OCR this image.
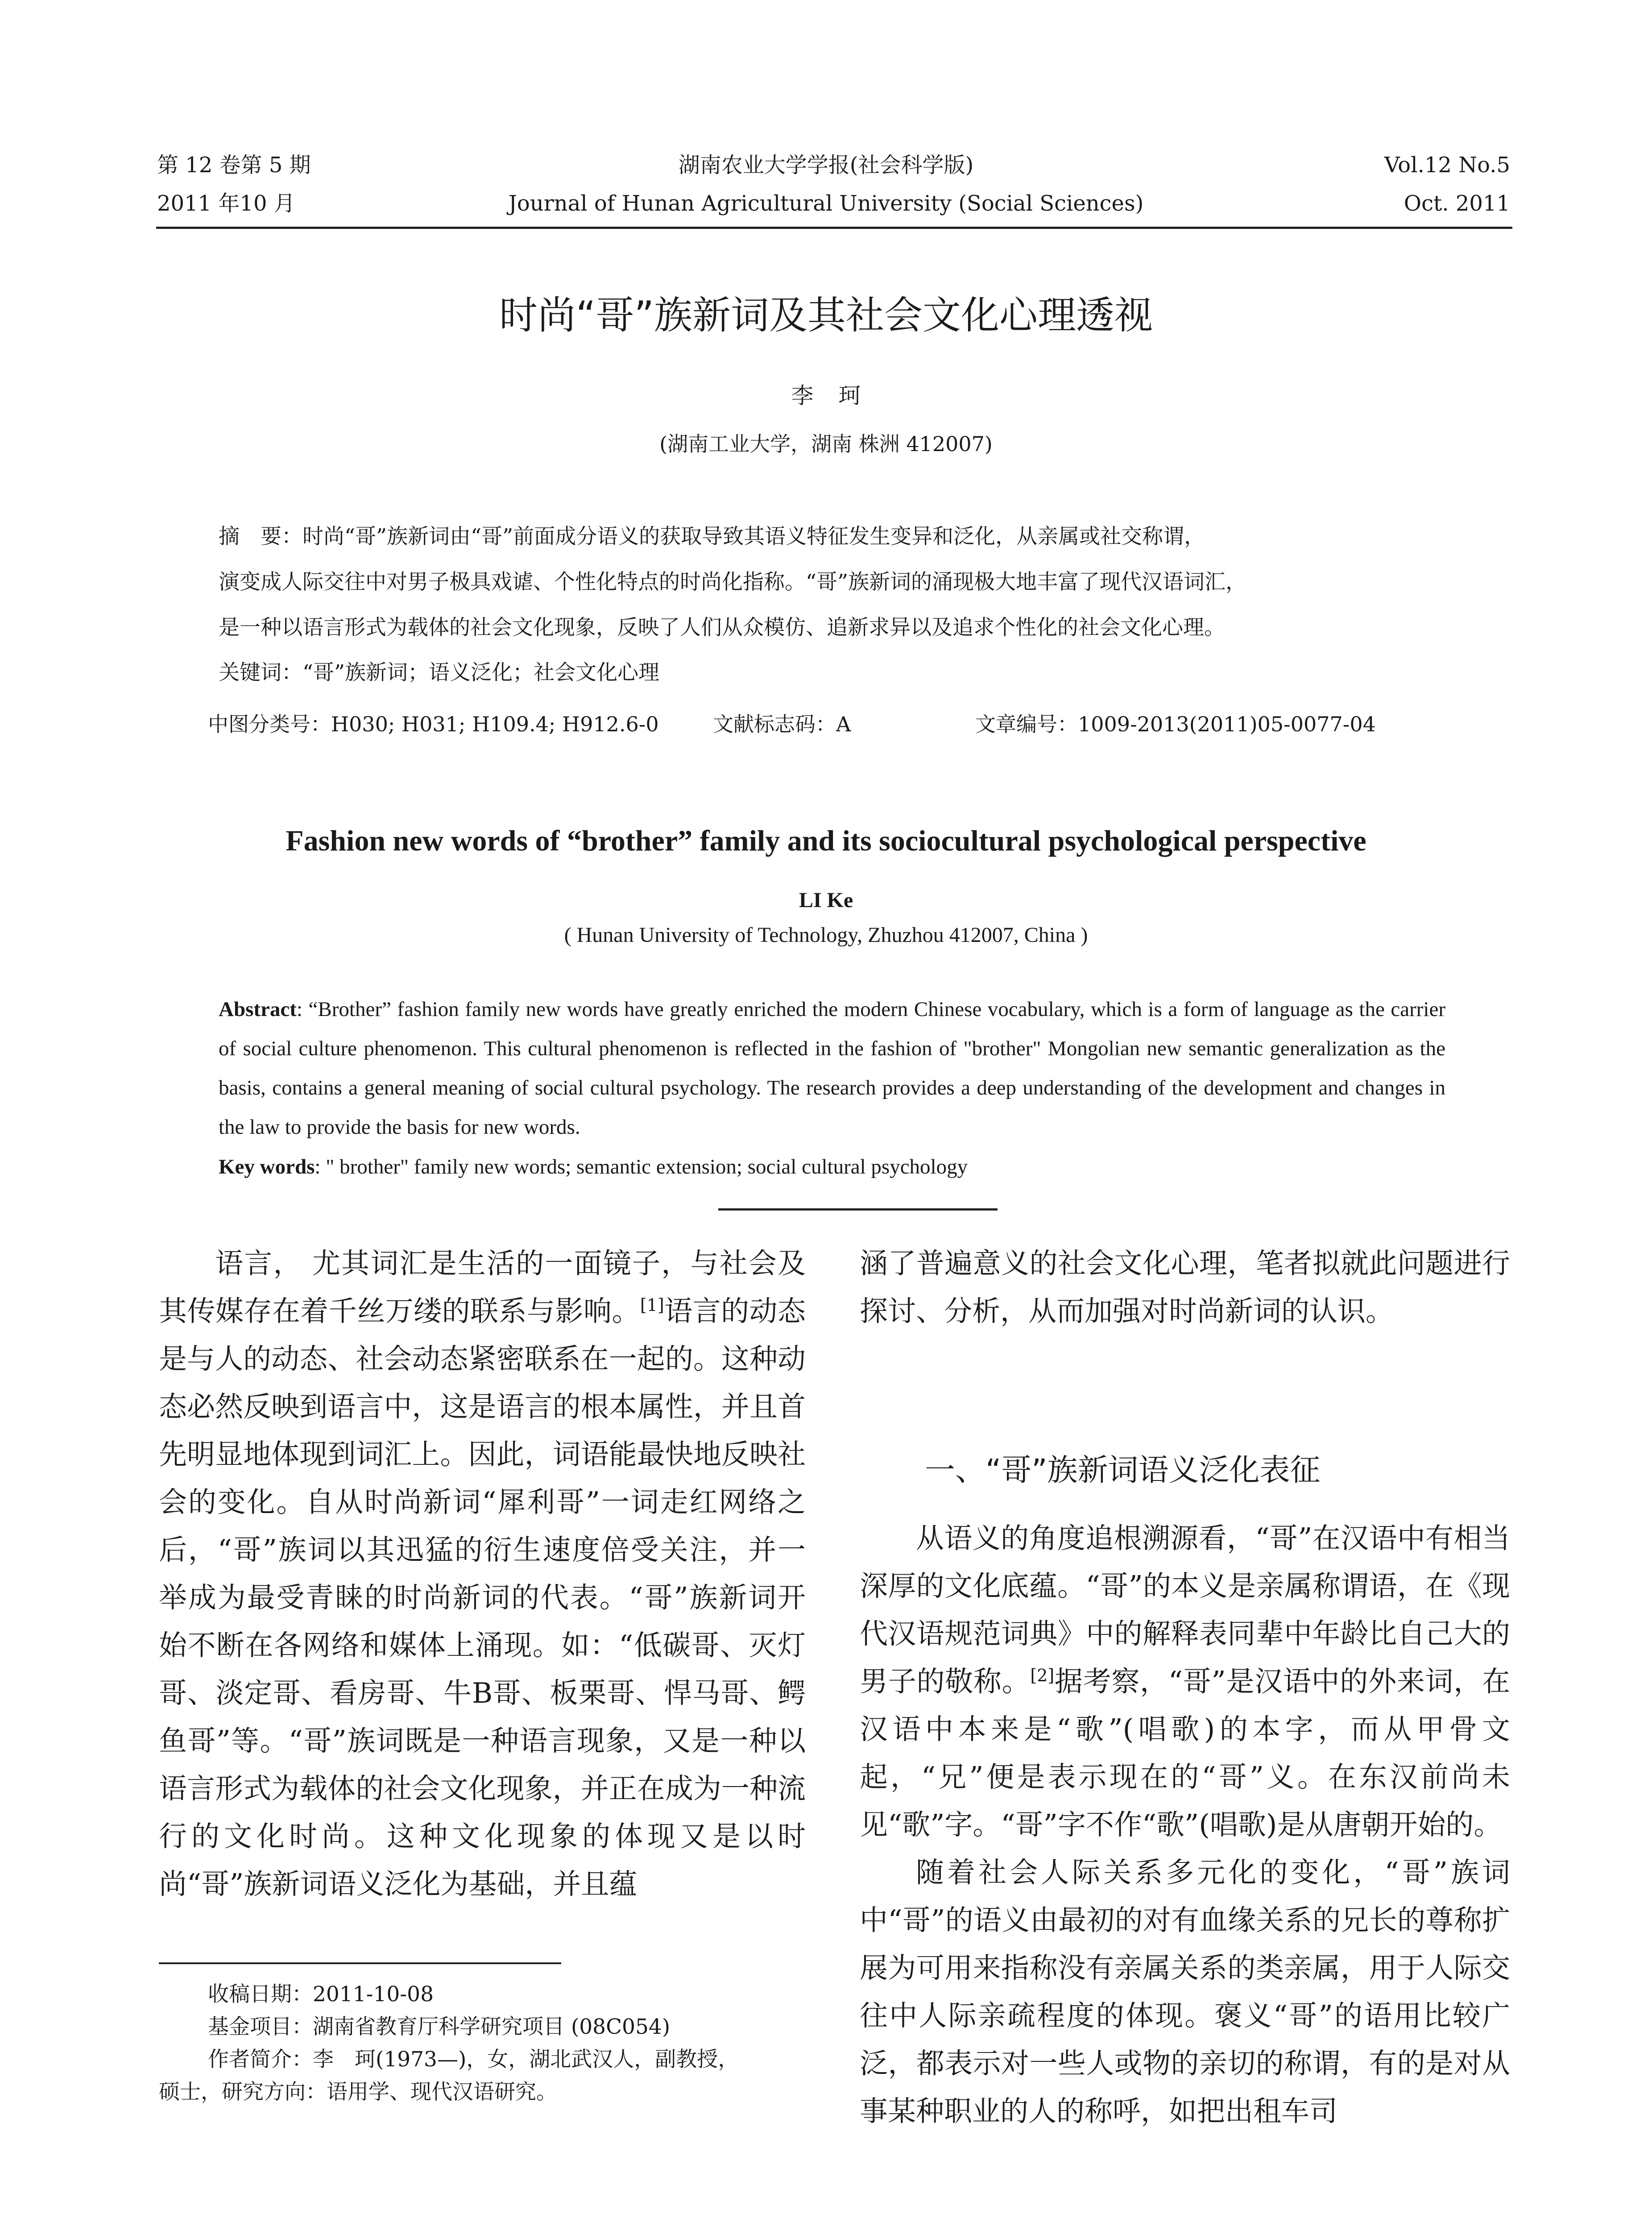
第 12 卷第 5 期	湖南农业大学学报(社会科学版)	Vol.12 No.5
2011 年10 月	Journal of Hunan Agricultural University (Social Sciences)	Oct. 2011
时尚“哥”族新词及其社会文化心理透视
李 珂
(湖南工业大学，湖南 株洲 412007)

摘　要：时尚“哥”族新词由“哥”前面成分语义的获取导致其语义特征发生变异和泛化，从亲属或社交称谓，

演变成人际交往中对男子极具戏谑、个性化特点的时尚化指称。“哥”族新词的涌现极大地丰富了现代汉语词汇，

是一种以语言形式为载体的社会文化现象，反映了人们从众模仿、追新求异以及追求个性化的社会文化心理。

关键词：“哥”族新词；语义泛化；社会文化心理
中图分类号：H030; H031; H109.4; H912.6-0	文献标志码：A	文章编号：1009-2013(2011)05-0077-04
Fashion new words of “brother” family and its sociocultural psychological perspective
LI Ke
( Hunan University of Technology, Zhuzhou 412007, China )
Abstract: “Brother” fashion family new words have greatly enriched the modern Chinese vocabulary, which is a form of language as the carrier of social culture phenomenon. This cultural phenomenon is reflected in the fashion of "brother" Mongolian new semantic generalization as the basis, contains a general meaning of social cultural psychology. The research provides a deep understanding of the development and changes in the law to provide the basis for new words.
Key words: " brother" family new words; semantic extension; social cultural psychology

语言， 尤其词汇是生活的一面镜子，与社会及其传媒存在着千丝万缕的联系与影响。[1]语言的动态是与人的动态、社会动态紧密联系在一起的。这种动态必然反映到语言中，这是语言的根本属性，并且首先明显地体现到词汇上。因此，词语能最快地反映社会的变化。自从时尚新词“犀利哥”一词走红网络之后，“哥”族词以其迅猛的衍生速度倍受关注，并一举成为最受青睐的时尚新词的代表。“哥”族新词开始不断在各网络和媒体上涌现。如：“低碳哥、灭灯哥、淡定哥、看房哥、牛B哥、板栗哥、悍马哥、鳄鱼哥”等。“哥”族词既是一种语言现象，又是一种以语言形式为载体的社会文化现象，并正在成为一种流行的文化时尚。这种文化现象的体现又是以时尚“哥”族新词语义泛化为基础，并且蕴

涵了普遍意义的社会文化心理，笔者拟就此问题进行探讨、分析，从而加强对时尚新词的认识。

一、“哥”族新词语义泛化表征

从语义的角度追根溯源看，“哥”在汉语中有相当深厚的文化底蕴。“哥”的本义是亲属称谓语，在《现代汉语规范词典》中的解释表同辈中年龄比自己大的男子的敬称。[2]据考察，“哥”是汉语中的外来词，在汉语中本来是“歌”(唱歌)的本字，而从甲骨文起，“兄”便是表示现在的“哥”义。在东汉前尚未见“歌”字。“哥”字不作“歌”(唱歌)是从唐朝开始的。

随着社会人际关系多元化的变化，“哥”族词中“哥”的语义由最初的对有血缘关系的兄长的尊称扩展为可用来指称没有亲属关系的类亲属，用于人际交往中人际亲疏程度的体现。褒义“哥”的语用比较广泛，都表示对一些人或物的亲切的称谓，有的是对从事某种职业的人的称呼，如把出租车司

收稿日期：2011-10-08

基金项目：湖南省教育厅科学研究项目 (08C054)

作者简介：李　珂(1973—)，女，湖北武汉人，副教授，

硕士，研究方向：语用学、现代汉语研究。
